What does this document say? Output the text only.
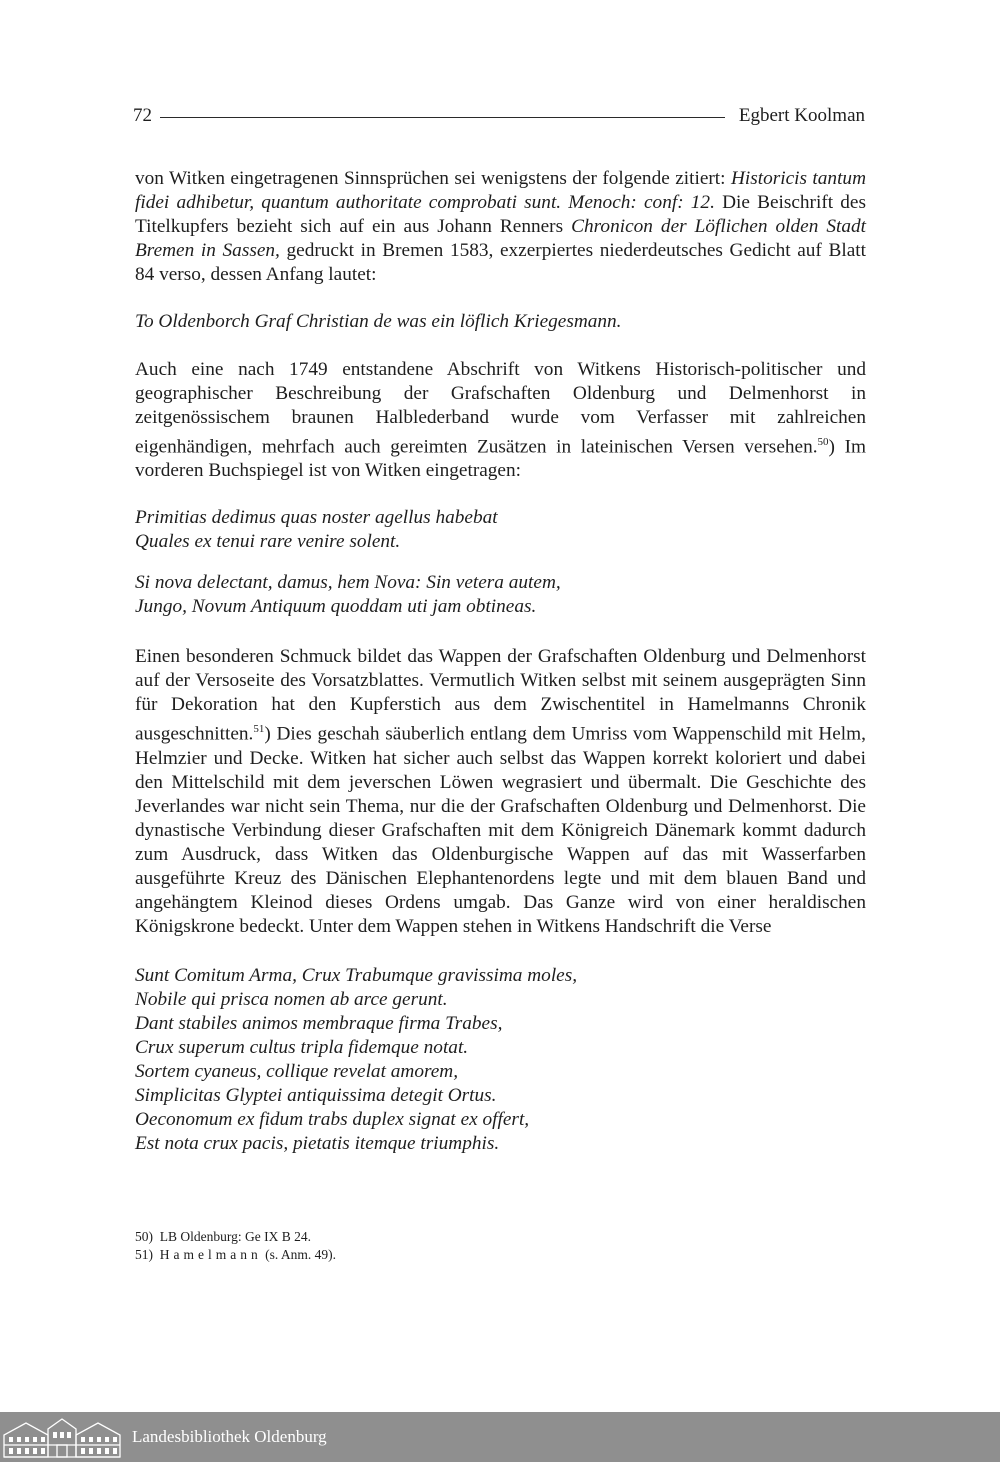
72	Egbert Koolman

von Witken eingetragenen Sinnsprüchen sei wenigstens der folgende zitiert: Historicis tantum fidei adhibetur, quantum authoritate comprobati sunt. Menoch: conf: 12. Die Beischrift des Titelkupfers bezieht sich auf ein aus Johann Renners Chronicon der Löflichen olden Stadt Bremen in Sassen, gedruckt in Bremen 1583, exzerpiertes niederdeutsches Gedicht auf Blatt 84 verso, dessen Anfang lautet:

To Oldenborch Graf Christian de was ein löflich Kriegesmann.

Auch eine nach 1749 entstandene Abschrift von Witkens Historisch-politischer und geographischer Beschreibung der Grafschaften Oldenburg und Delmenhorst in zeitgenössischem braunen Halblederband wurde vom Verfasser mit zahlreichen eigenhändigen, mehrfach auch gereimten Zusätzen in lateinischen Versen versehen.$^{50}$) Im vorderen Buchspiegel ist von Witken eingetragen:

Primitias dedimus quas noster agellus habebat

Quales ex tenui rare venire solent.

Si nova delectant, damus, hem Nova: Sin vetera autem,

Jungo, Novum Antiquum quoddam uti jam obtineas.

Einen besonderen Schmuck bildet das Wappen der Grafschaften Oldenburg und Delmenhorst auf der Versoseite des Vorsatzblattes. Vermutlich Witken selbst mit seinem ausgeprägten Sinn für Dekoration hat den Kupferstich aus dem Zwischentitel in Hamelmanns Chronik ausgeschnitten.$^{51}$) Dies geschah säuberlich entlang dem Umriss vom Wappenschild mit Helm, Helmzier und Decke. Witken hat sicher auch selbst das Wappen korrekt koloriert und dabei den Mittelschild mit dem jeverschen Löwen wegrasiert und übermalt. Die Geschichte des Jeverlandes war nicht sein Thema, nur die der Grafschaften Oldenburg und Delmenhorst. Die dynastische Verbindung dieser Grafschaften mit dem Königreich Dänemark kommt dadurch zum Ausdruck, dass Witken das Oldenburgische Wappen auf das mit Wasserfarben ausgeführte Kreuz des Dänischen Elephantenordens legte und mit dem blauen Band und angehängtem Kleinod dieses Ordens umgab. Das Ganze wird von einer heraldischen Königskrone bedeckt. Unter dem Wappen stehen in Witkens Handschrift die Verse

Sunt Comitum Arma, Crux Trabumque gravissima moles,

Nobile qui prisca nomen ab arce gerunt.

Dant stabiles animos membraque firma Trabes,

Crux superum cultus tripla fidemque notat.

Sortem cyaneus, collique revelat amorem,

Simplicitas Glyptei antiquissima detegit Ortus.

Oeconomum ex fidum trabs duplex signat ex offert,

Est nota crux pacis, pietatis itemque triumphis.

50) LB Oldenburg: Ge IX B 24.
51) Hamelmann (s. Anm. 49).
Landesbibliothek Oldenburg
